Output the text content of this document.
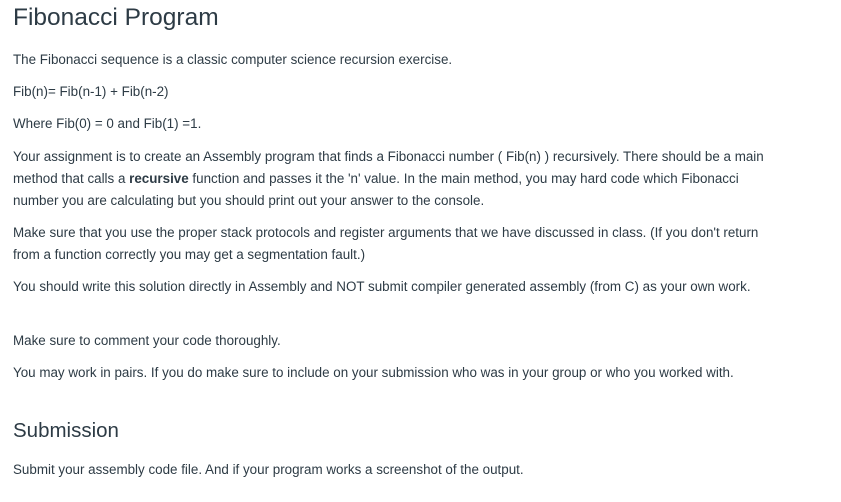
Fibonacci Program

The Fibonacci sequence is a classic computer science recursion exercise.

Fib(n)= Fib(n-1) + Fib(n-2)

Where Fib(0) = 0 and Fib(1) =1.

Your assignment is to create an Assembly program that finds a Fibonacci number ( Fib(n) ) recursively. There should be a main method that calls a recursive function and passes it the 'n' value. In the main method, you may hard code which Fibonacci number you are calculating but you should print out your answer to the console.

Make sure that you use the proper stack protocols and register arguments that we have discussed in class. (If you don't return from a function correctly you may get a segmentation fault.)

You should write this solution directly in Assembly and NOT submit compiler generated assembly (from C) as your own work.

Make sure to comment your code thoroughly.

You may work in pairs. If you do make sure to include on your submission who was in your group or who you worked with.

Submission

Submit your assembly code file. And if your program works a screenshot of the output.
